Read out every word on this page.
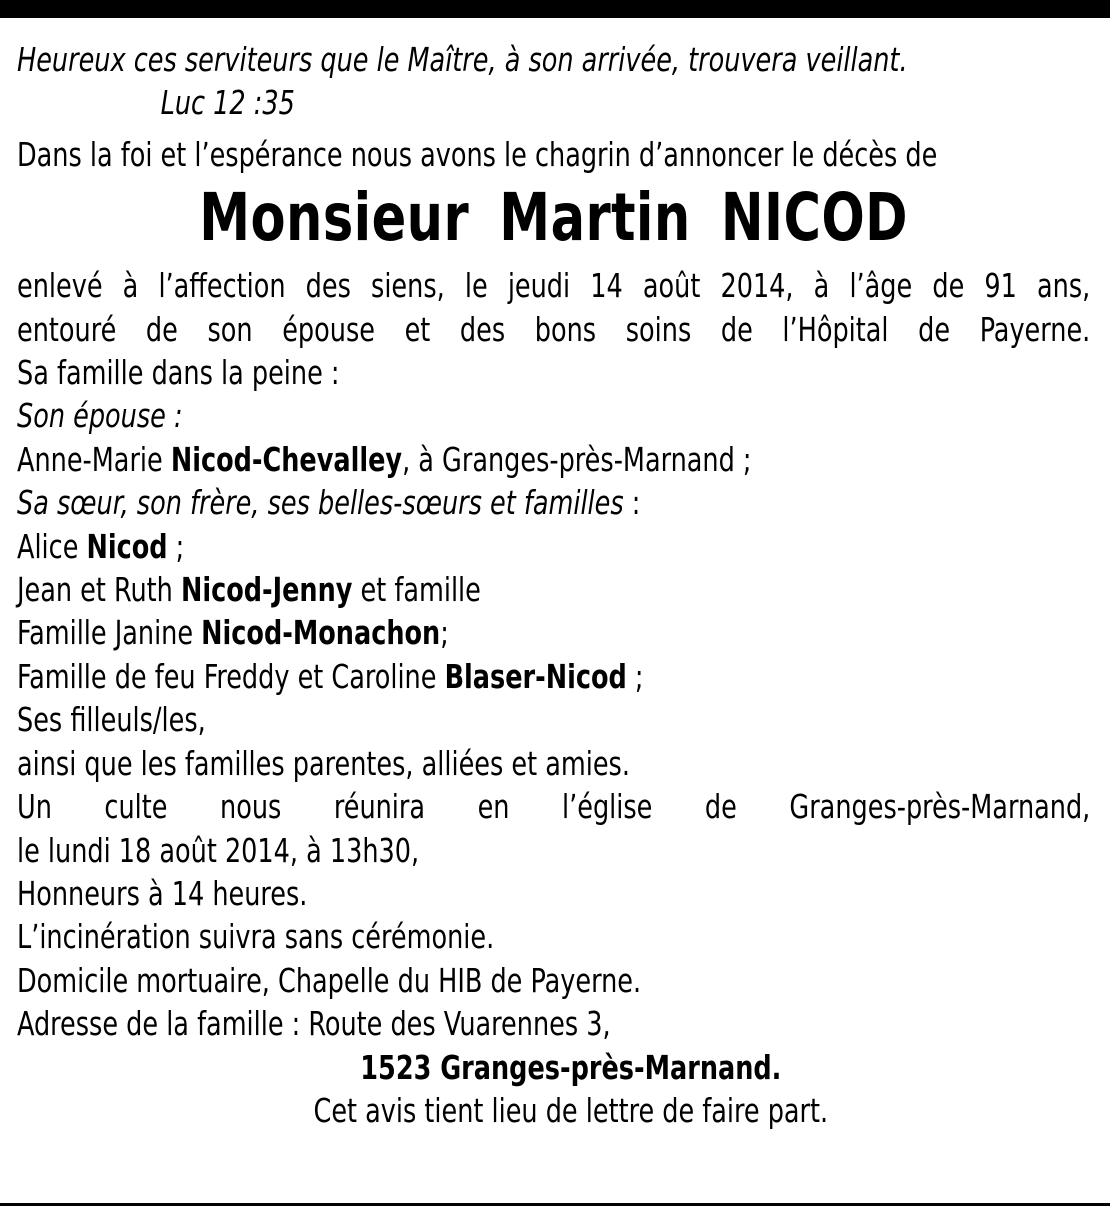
Heureux ces serviteurs que le Maître, à son arrivée, trouvera veillant.
Luc 12 :35
Dans la foi et l’espérance nous avons le chagrin d’annoncer le décès de
Monsieur Martin NICOD
enlevé à l’affection des siens, le jeudi 14 août 2014, à l’âge de 91 ans,
entouré de son épouse et des bons soins de l’Hôpital de Payerne.
Sa famille dans la peine :
Son épouse :
Anne-Marie Nicod-Chevalley, à Granges-près-Marnand ;
Sa sœur, son frère, ses belles-sœurs et familles :
Alice Nicod ;
Jean et Ruth Nicod-Jenny et famille
Famille Janine Nicod-Monachon;
Famille de feu Freddy et Caroline Blaser-Nicod ;
Ses filleuls/les,
ainsi que les familles parentes, alliées et amies.
Un culte nous réunira en l’église de Granges-près-Marnand,
le lundi 18 août 2014, à 13h30,
Honneurs à 14 heures.
L’incinération suivra sans cérémonie.
Domicile mortuaire, Chapelle du HIB de Payerne.
Adresse de la famille : Route des Vuarennes 3,
1523 Granges-près-Marnand.
Cet avis tient lieu de lettre de faire part.
